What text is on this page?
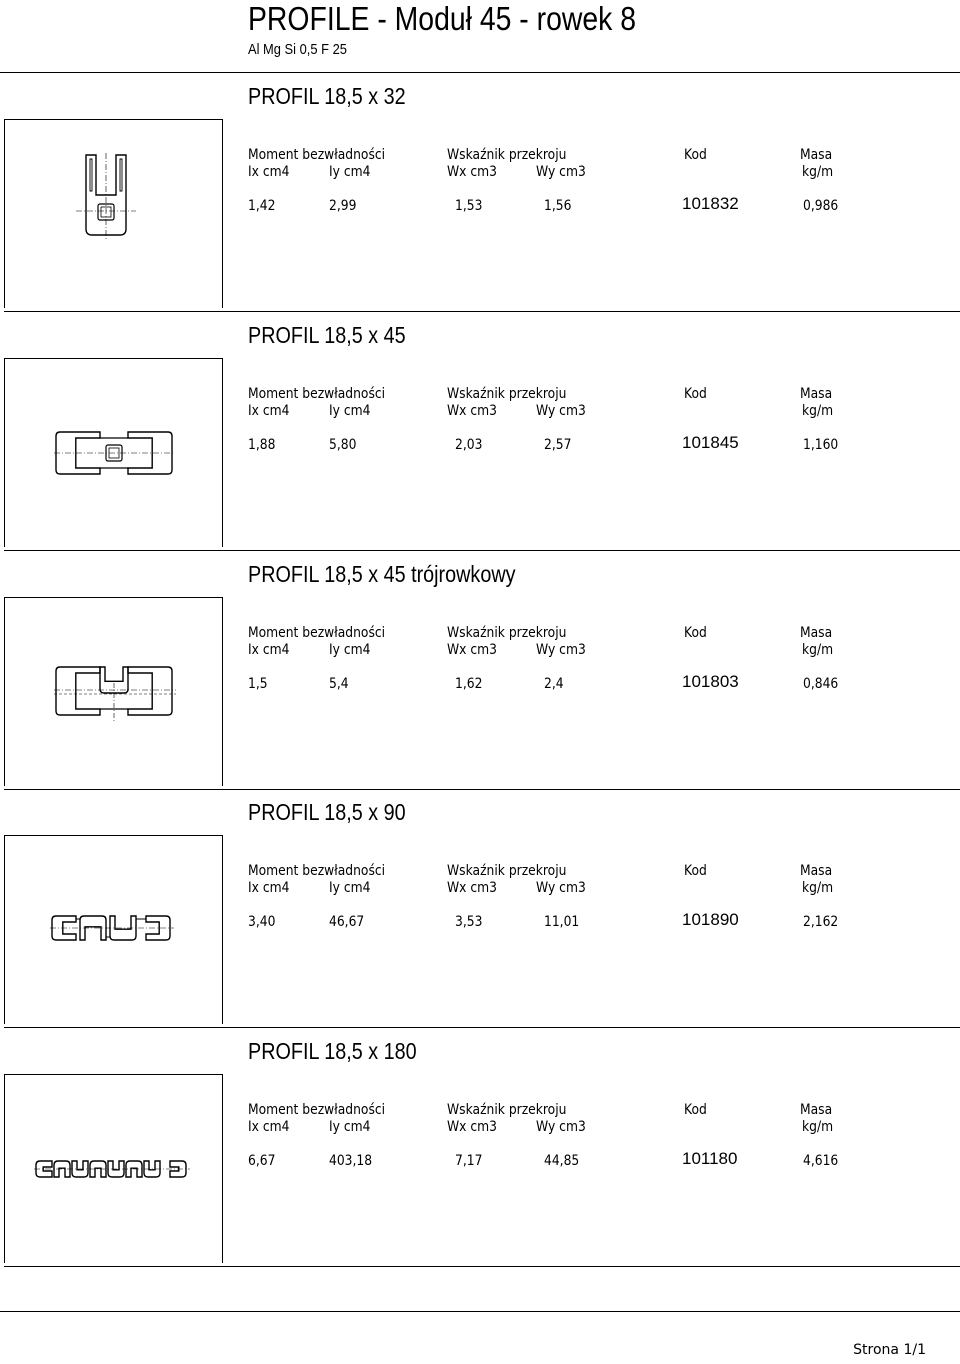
PROFILE - Moduł 45 - rowek 8
Al Mg Si 0,5 F 25
PROFIL 18,5 x 32
Moment bezwładności	Wskaźnik przekroju	Kod	Masa
Ix cm4	Iy cm4	Wx cm3	Wy cm3	kg/m
1,42	2,99	1,53	1,56	101832	0,986
PROFIL 18,5 x 45
Moment bezwładności	Wskaźnik przekroju	Kod	Masa
Ix cm4	Iy cm4	Wx cm3	Wy cm3	kg/m
1,88	5,80	2,03	2,57	101845	1,160
PROFIL 18,5 x 45 trójrowkowy
Moment bezwładności	Wskaźnik przekroju	Kod	Masa
Ix cm4	Iy cm4	Wx cm3	Wy cm3	kg/m
1,5	5,4	1,62	2,4	101803	0,846
PROFIL 18,5 x 90
Moment bezwładności	Wskaźnik przekroju	Kod	Masa
Ix cm4	Iy cm4	Wx cm3	Wy cm3	kg/m
3,40	46,67	3,53	11,01	101890	2,162
PROFIL 18,5 x 180
Moment bezwładności	Wskaźnik przekroju	Kod	Masa
Ix cm4	Iy cm4	Wx cm3	Wy cm3	kg/m
6,67	403,18	7,17	44,85	101180	4,616
Strona 1/1
